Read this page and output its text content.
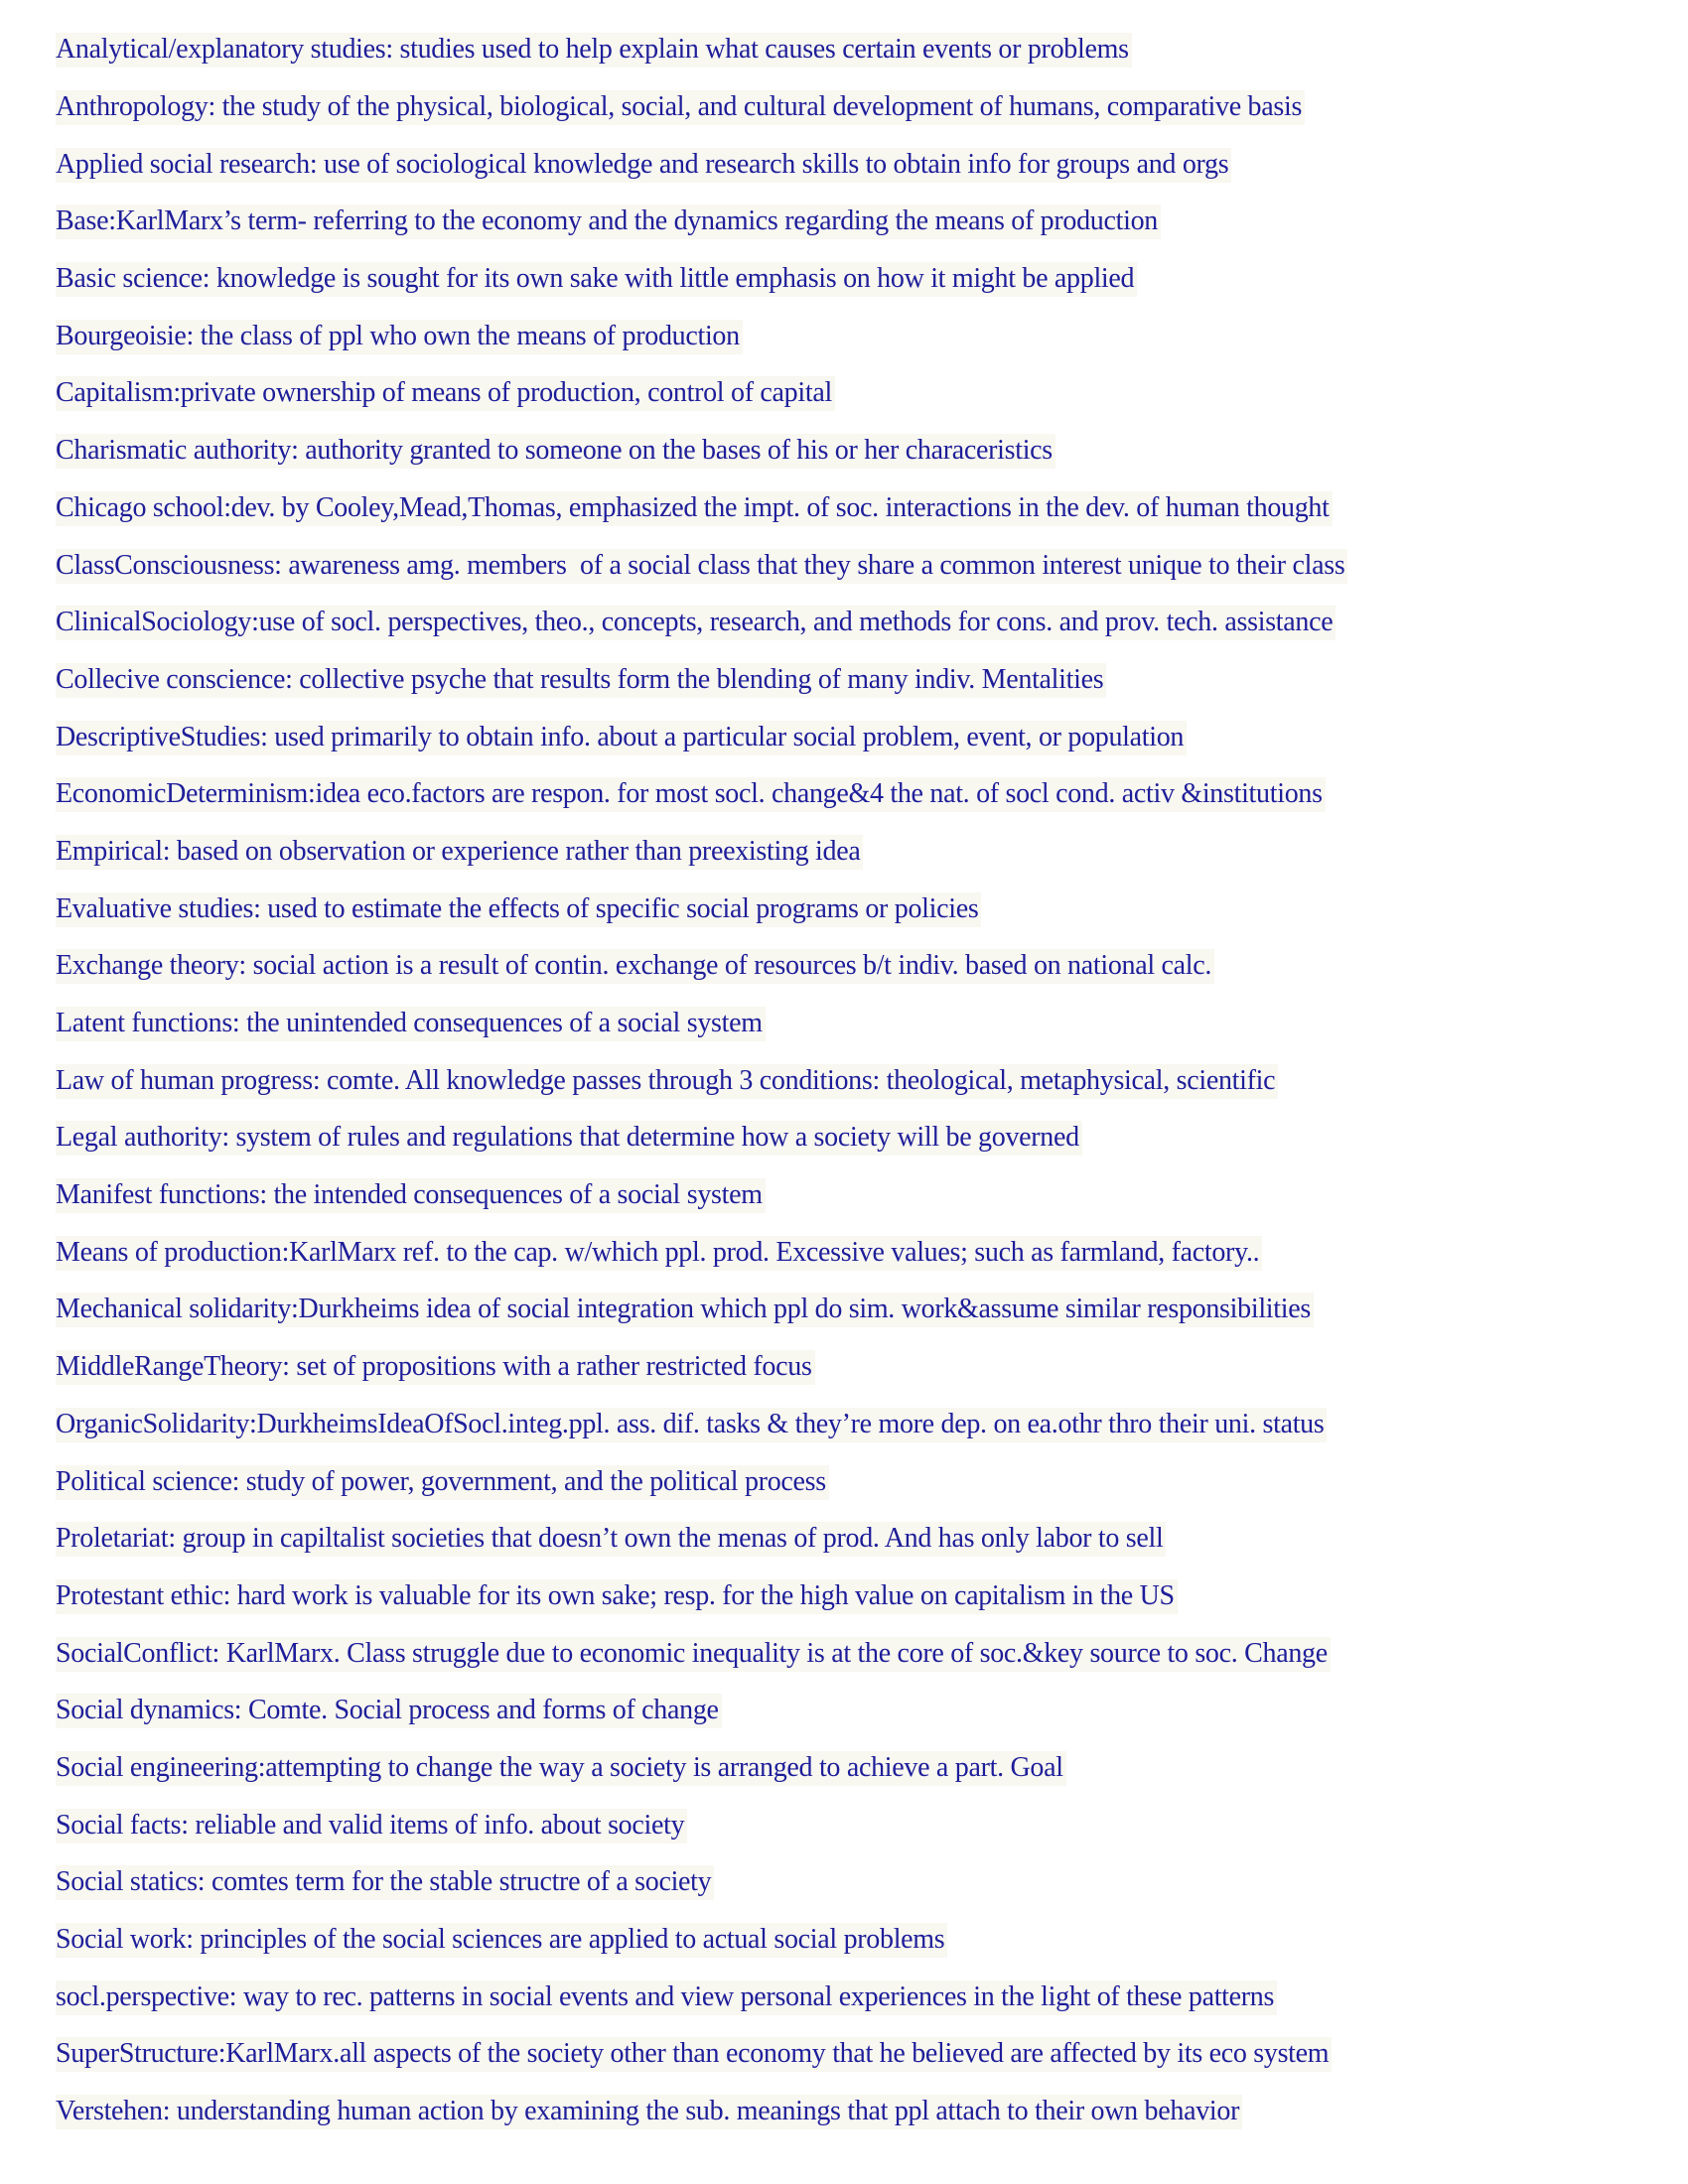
Analytical/explanatory studies: studies used to help explain what causes certain events or problems
Anthropology: the study of the physical, biological, social, and cultural development of humans, comparative basis
Applied social research: use of sociological knowledge and research skills to obtain info for groups and orgs
Base:KarlMarx’s term- referring to the economy and the dynamics regarding the means of production
Basic science: knowledge is sought for its own sake with little emphasis on how it might be applied
Bourgeoisie: the class of ppl who own the means of production
Capitalism:private ownership of means of production, control of capital
Charismatic authority: authority granted to someone on the bases of his or her characeristics
Chicago school:dev. by Cooley,Mead,Thomas, emphasized the impt. of soc. interactions in the dev. of human thought
ClassConsciousness: awareness amg. members  of a social class that they share a common interest unique to their class
ClinicalSociology:use of socl. perspectives, theo., concepts, research, and methods for cons. and prov. tech. assistance
Collecive conscience: collective psyche that results form the blending of many indiv. Mentalities
DescriptiveStudies: used primarily to obtain info. about a particular social problem, event, or population
EconomicDeterminism:idea eco.factors are respon. for most socl. change&4 the nat. of socl cond. activ &institutions
Empirical: based on observation or experience rather than preexisting idea
Evaluative studies: used to estimate the effects of specific social programs or policies
Exchange theory: social action is a result of contin. exchange of resources b/t indiv. based on national calc.
Latent functions: the unintended consequences of a social system
Law of human progress: comte. All knowledge passes through 3 conditions: theological, metaphysical, scientific
Legal authority: system of rules and regulations that determine how a society will be governed
Manifest functions: the intended consequences of a social system
Means of production:KarlMarx ref. to the cap. w/which ppl. prod. Excessive values; such as farmland, factory..
Mechanical solidarity:Durkheims idea of social integration which ppl do sim. work&assume similar responsibilities
MiddleRangeTheory: set of propositions with a rather restricted focus
OrganicSolidarity:DurkheimsIdeaOfSocl.integ.ppl. ass. dif. tasks & they’re more dep. on ea.othr thro their uni. status
Political science: study of power, government, and the political process
Proletariat: group in capiltalist societies that doesn’t own the menas of prod. And has only labor to sell
Protestant ethic: hard work is valuable for its own sake; resp. for the high value on capitalism in the US
SocialConflict: KarlMarx. Class struggle due to economic inequality is at the core of soc.&key source to soc. Change
Social dynamics: Comte. Social process and forms of change
Social engineering:attempting to change the way a society is arranged to achieve a part. Goal
Social facts: reliable and valid items of info. about society
Social statics: comtes term for the stable structre of a society
Social work: principles of the social sciences are applied to actual social problems
socl.perspective: way to rec. patterns in social events and view personal experiences in the light of these patterns
SuperStructure:KarlMarx.all aspects of the society other than economy that he believed are affected by its eco system
Verstehen: understanding human action by examining the sub. meanings that ppl attach to their own behavior
